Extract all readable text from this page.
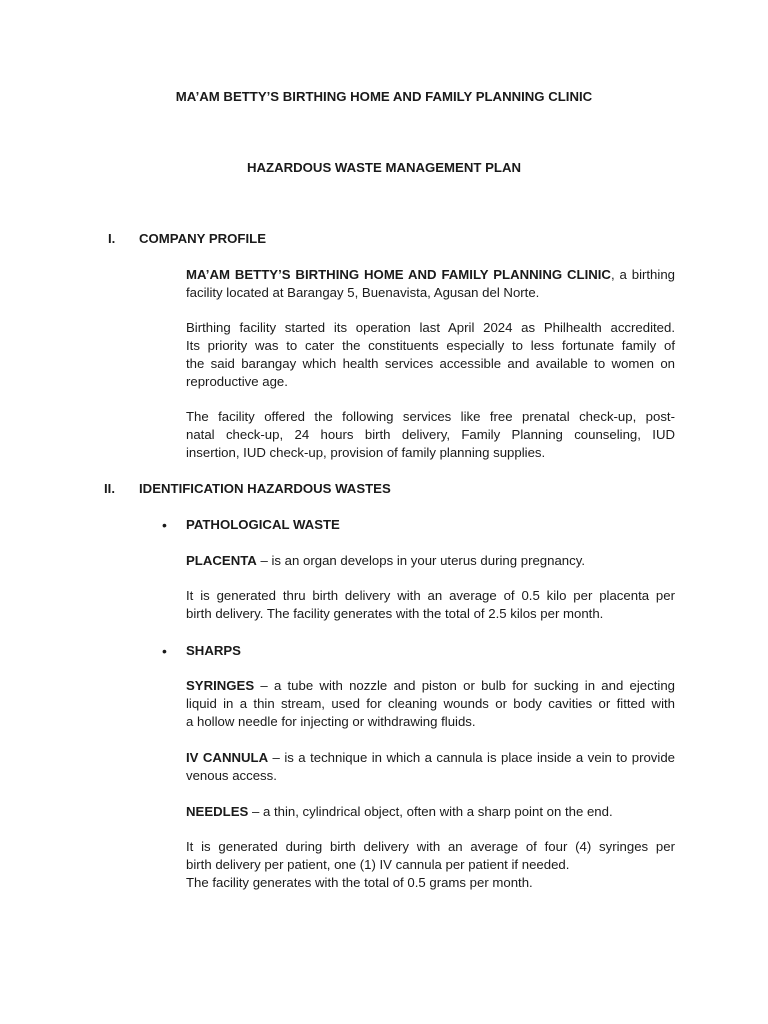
MA’AM BETTY’S BIRTHING HOME AND FAMILY PLANNING CLINIC
HAZARDOUS WASTE MANAGEMENT PLAN
I. COMPANY PROFILE
MA’AM BETTY’S BIRTHING HOME AND FAMILY PLANNING CLINIC, a birthing
facility located at Barangay 5, Buenavista, Agusan del Norte.
Birthing facility started its operation last April 2024 as Philhealth accredited.
Its priority was to cater the constituents especially to less fortunate family of
the said barangay which health services accessible and available to women on
reproductive age.
The facility offered the following services like free prenatal check-up, post-
natal check-up, 24 hours birth delivery, Family Planning counseling, IUD
insertion, IUD check-up, provision of family planning supplies.
II. IDENTIFICATION HAZARDOUS WASTES
• PATHOLOGICAL WASTE
PLACENTA – is an organ develops in your uterus during pregnancy.
It is generated thru birth delivery with an average of 0.5 kilo per placenta per
birth delivery. The facility generates with the total of 2.5 kilos per month.
• SHARPS
SYRINGES – a tube with nozzle and piston or bulb for sucking in and ejecting
liquid in a thin stream, used for cleaning wounds or body cavities or fitted with
a hollow needle for injecting or withdrawing fluids.
IV CANNULA – is a technique in which a cannula is place inside a vein to provide
venous access.
NEEDLES – a thin, cylindrical object, often with a sharp point on the end.
It is generated during birth delivery with an average of four (4) syringes per
birth delivery per patient, one (1) IV cannula per patient if needed.
The facility generates with the total of 0.5 grams per month.
